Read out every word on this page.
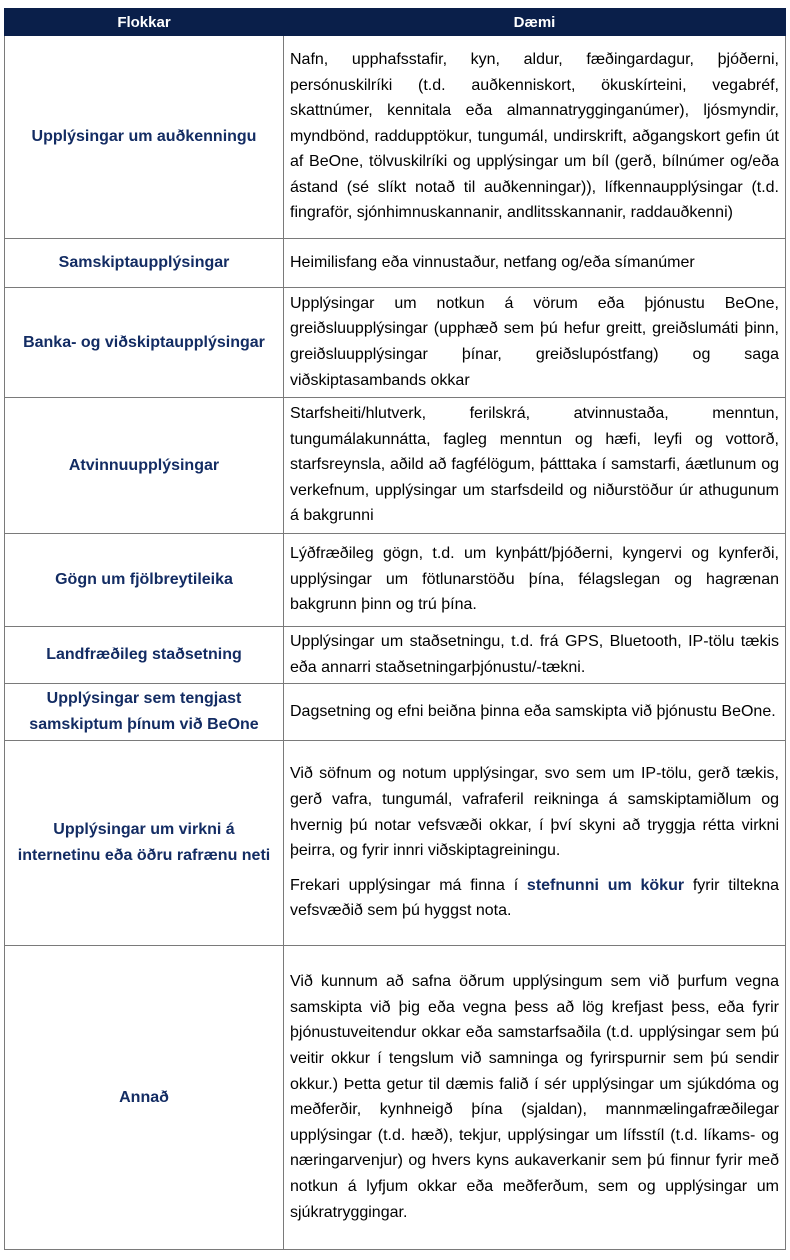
Flokkar	Dæmi
Upplýsingar um auðkenningu	Nafn, upphafsstafir, kyn, aldur, fæðingardagur, þjóðerni, persónuskilríki (t.d. auðkenniskort, ökuskírteini, vegabréf, skattnúmer, kennitala eða almannatrygginganúmer), ljósmyndir, myndbönd, raddupptökur, tungumál, undirskrift, aðgangskort gefin út af BeOne, tölvuskilríki og upplýsingar um bíl (gerð, bílnúmer og/eða ástand (sé slíkt notað til auðkenningar)), lífkennaupplýsingar (t.d. fingraför, sjónhimnuskannanir, andlitsskannanir, raddauðkenni)

Samskiptaupplýsingar	Heimilisfang eða vinnustaður, netfang og/eða símanúmer

Banka- og viðskiptaupplýsingar	Upplýsingar um notkun á vörum eða þjónustu BeOne, greiðsluupplýsingar (upphæð sem þú hefur greitt, greiðslumáti þinn, greiðsluupplýsingar þínar, greiðslupóstfang) og saga viðskiptasambands okkar

Atvinnuupplýsingar	Starfsheiti/hlutverk, ferilskrá, atvinnustaða, menntun, tungumálakunnátta, fagleg menntun og hæfi, leyfi og vottorð, starfsreynsla, aðild að fagfélögum, þátttaka í samstarfi, áætlunum og verkefnum, upplýsingar um starfsdeild og niðurstöður úr athugunum á bakgrunni

Gögn um fjölbreytileika	Lýðfræðileg gögn, t.d. um kynþátt/þjóðerni, kyngervi og kynferði, upplýsingar um fötlunarstöðu þína, félagslegan og hagrænan bakgrunn þinn og trú þína.

Landfræðileg staðsetning	Upplýsingar um staðsetningu, t.d. frá GPS, Bluetooth, IP-tölu tækis eða annarri staðsetningarþjónustu/-tækni.

Upplýsingar sem tengjast samskiptum þínum við BeOne	Dagsetning og efni beiðna þinna eða samskipta við þjónustu BeOne.

Upplýsingar um virkni á internetinu eða öðru rafrænu neti	Við söfnum og notum upplýsingar, svo sem um IP-tölu, gerð tækis, gerð vafra, tungumál, vafraferil reikninga á samskiptamiðlum og hvernig þú notar vefsvæði okkar, í því skyni að tryggja rétta virkni þeirra, og fyrir innri viðskiptagreiningu.

Frekari upplýsingar má finna í stefnunni um kökur fyrir tiltekna vefsvæðið sem þú hyggst nota.

Annað	Við kunnum að safna öðrum upplýsingum sem við þurfum vegna samskipta við þig eða vegna þess að lög krefjast þess, eða fyrir þjónustuveitendur okkar eða samstarfsaðila (t.d. upplýsingar sem þú veitir okkur í tengslum við samninga og fyrirspurnir sem þú sendir okkur.) Þetta getur til dæmis falið í sér upplýsingar um sjúkdóma og meðferðir, kynhneigð þína (sjaldan), mannmælingafræðilegar upplýsingar (t.d. hæð), tekjur, upplýsingar um lífsstíl (t.d. líkams- og næringarvenjur) og hvers kyns aukaverkanir sem þú finnur fyrir með notkun á lyfjum okkar eða meðferðum, sem og upplýsingar um sjúkratryggingar.
